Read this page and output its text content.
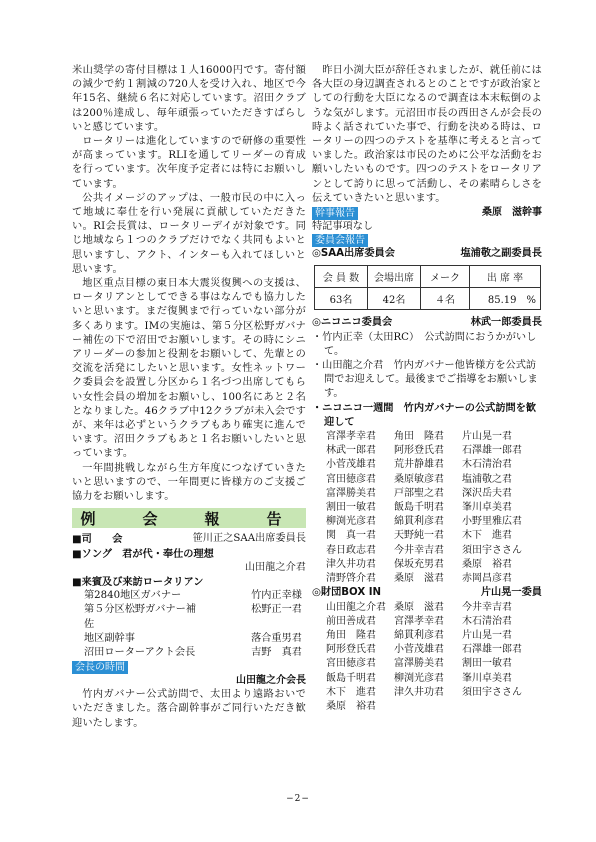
米山奨学の寄付目標は１人16000円です。寄付額の減少で約１割減の720人を受け入れ、地区で今年15名、継続６名に対応しています。沼田クラブは200％達成し、毎年頑張っていただきすばらしいと感じています。

ロータリーは進化していますので研修の重要性が高まっています。RLIを通してリーダーの育成を行っています。次年度予定者には特にお願いしています。

公共イメージのアップは、一般市民の中に入って地域に奉仕を行い発展に貢献していただきたい。RI会長賞は、ロータリーデイが対象です。同じ地域なら１つのクラブだけでなく共同もよいと思いますし、アクト、インターも入れてほしいと思います。

地区重点目標の東日本大震災復興への支援は、ロータリアンとしてできる事はなんでも協力したいと思います。まだ復興まで行っていない部分が多くあります。IMの実施は、第５分区松野ガバナー補佐の下で沼田でお願いします。その時にシニアリーダーの参加と役割をお願いして、先輩との交流を活発にしたいと思います。女性ネットワーク委員会を設置し分区から１名づつ出席してもらい女性会員の増加をお願いし、100名にあと２名となりました。46クラブ中12クラブが未入会ですが、来年は必ずというクラブもあり確実に進んでいます。沼田クラブもあと１名お願いしたいと思っています。

一年間挑戦しながら生方年度につなげていきたいと思いますので、一年間更に皆様方のご支援ご協力をお願いします。

例　会　報　告
■司　　会	笹川正之SAA出席委員長
■ソング　君が代・奉仕の理想
山田龍之介君
■来賓及び来訪ロータリアン
第2840地区ガバナー	竹内正幸様
第５分区松野ガバナー補佐
松野正一君
地区副幹事	落合重男君
沼田ローターアクト会長	吉野　真君
会長の時間
山田龍之介会長

竹内ガバナー公式訪問で、太田より遠路おいでいただきました。落合副幹事がご同行いただき歓迎いたします。

昨日小渕大臣が辞任されましたが、就任前には各大臣の身辺調査されるとのことですが政治家としての行動を大臣になるので調査は本末転倒のような気がします。元沼田市長の西田さんが会長の時よく話されていた事で、行動を決める時は、ロータリーの四つのテストを基準に考えると言っていました。政治家は市民のために公平な活動をお願いしたいものです。四つのテストをロータリアンとして誇りに思って活動し、その素晴らしさを伝えていきたいと思います。

幹事報告	桑原　滋幹事
特記事項なし
委員会報告
◎SAA出席委員会	塩浦敬之副委員長
会 員 数	会場出席	メーク	出 席 率
63名	42名	４名	85.19　%
◎ニコニコ委員会	林武一郎委員長
・竹内正幸（太田RC）　公式訪問におうかがいして。
・山田龍之介君　竹内ガバナー他皆様方を公式訪問でお迎えして。最後までご指導をお願いします。
・ニコニコ一週間　竹内ガバナーの公式訪問を歓迎して
宮澤孝幸君	角田　隆君	片山晃一君
林武一郎君	阿形登氏君	石澤雄一郎君
小菅茂雄君	荒井静雄君	木石清治君
宮田徳彦君	桑原敏彦君	塩浦敬之君
富澤勝美君	戸部聖之君	深沢岳夫君
割田一敏君	飯島千明君	峯川卓美君
柳渕光彦君	綿貫利彦君	小野里雅広君
関　真一君	天野純一君	木下　進君
春日政志君	今井幸吉君	須田宇ささん
津久井功君	保坂充男君	桑原　裕君
清野啓介君	桑原　滋君	赤岡昌彦君
◎財団BOX IN	片山晃一委員
山田龍之介君 桑原　滋君	今井幸吉君
前田善成君	宮澤孝幸君	木石清治君
角田　隆君	綿貫利彦君	片山晃一君
阿形登氏君	小菅茂雄君	石澤雄一郎君
宮田徳彦君	富澤勝美君	割田一敏君
飯島千明君	柳渕光彦君	峯川卓美君
木下　進君	津久井功君	須田宇ささん
桑原　裕君
−2−
